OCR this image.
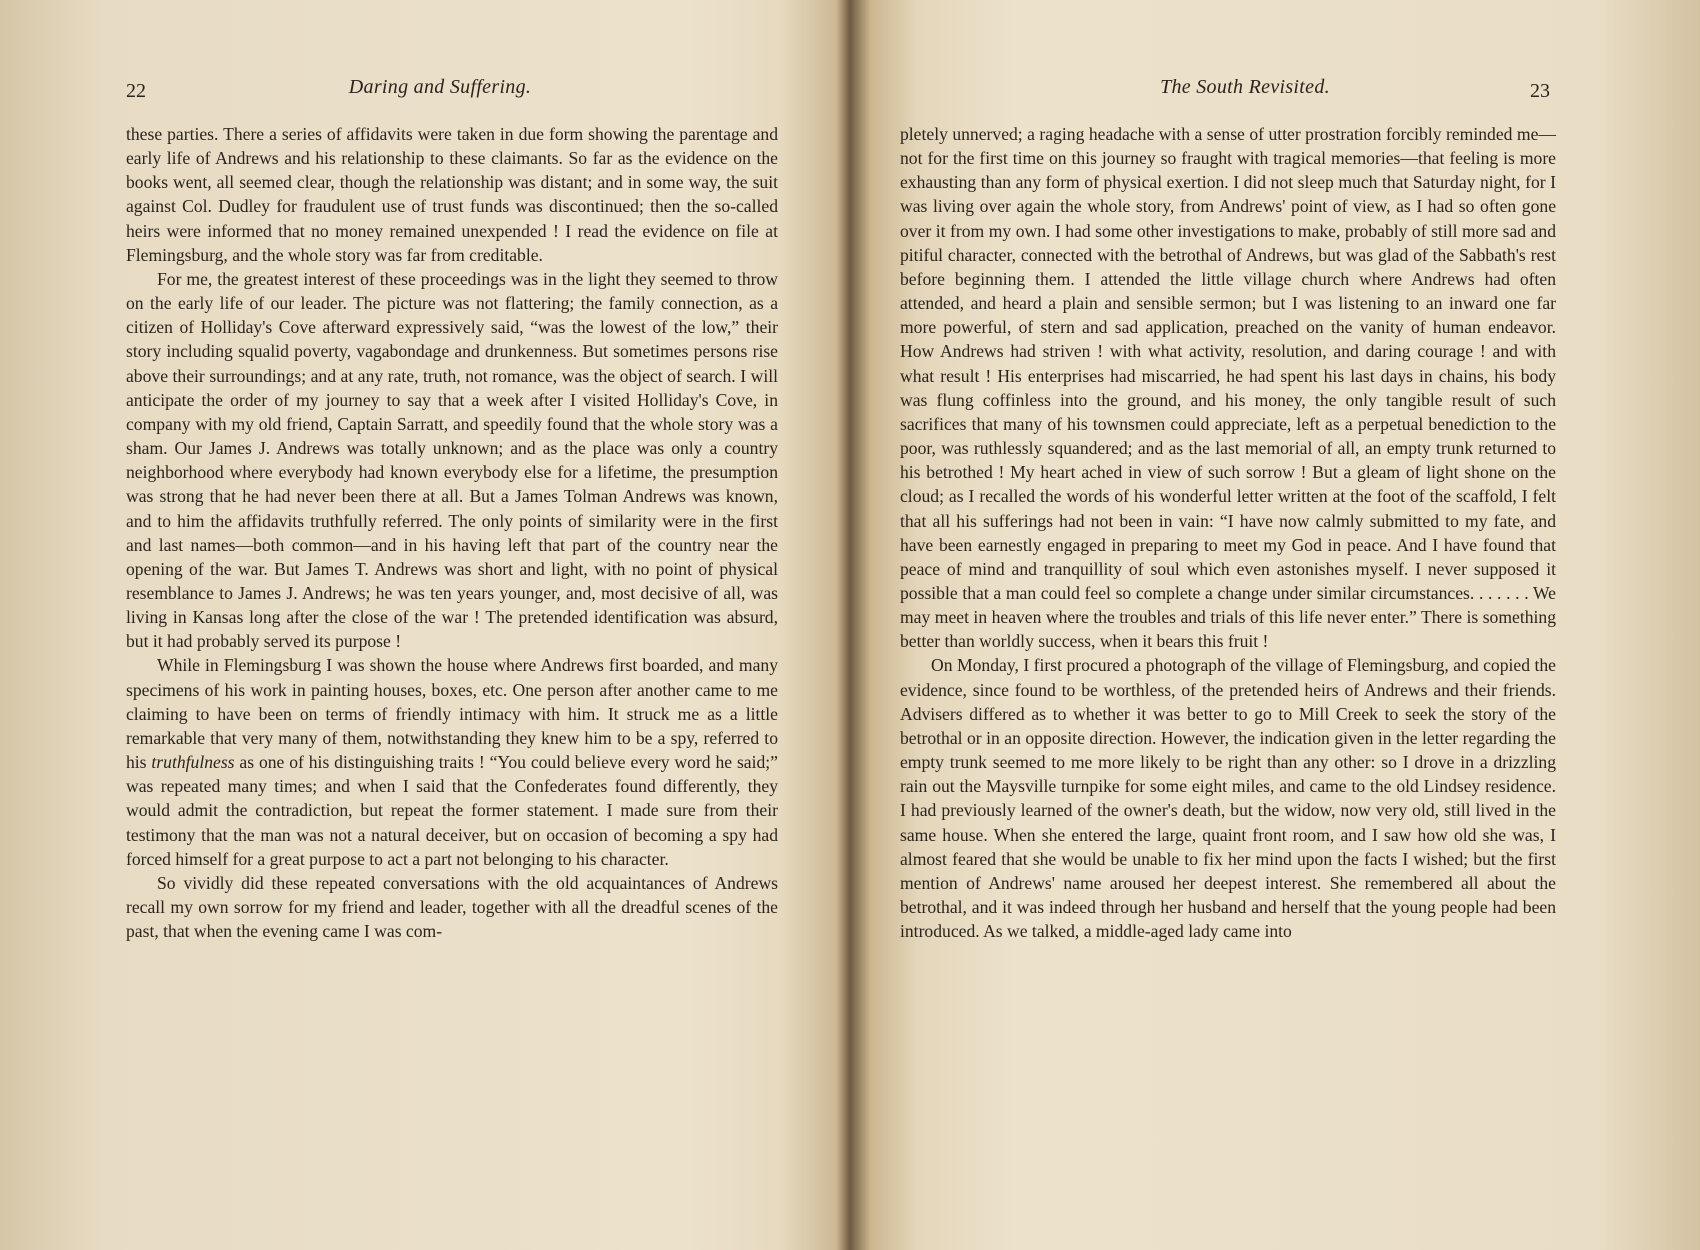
22	Daring and Suffering.

these parties. There a series of affidavits were taken in due form showing the parentage and early life of Andrews and his relationship to these claimants. So far as the evidence on the books went, all seemed clear, though the relationship was distant; and in some way, the suit against Col. Dudley for fraudulent use of trust funds was discontinued; then the so-called heirs were informed that no money remained unexpended ! I read the evidence on file at Flemingsburg, and the whole story was far from creditable.

For me, the greatest interest of these proceedings was in the light they seemed to throw on the early life of our leader. The picture was not flattering; the family connection, as a citizen of Holliday's Cove afterward expressively said, “was the lowest of the low,” their story including squalid poverty, vagabondage and drunkenness. But sometimes persons rise above their surroundings; and at any rate, truth, not romance, was the object of search. I will anticipate the order of my journey to say that a week after I visited Holliday's Cove, in company with my old friend, Captain Sarratt, and speedily found that the whole story was a sham. Our James J. Andrews was totally unknown; and as the place was only a country neighborhood where everybody had known everybody else for a lifetime, the presumption was strong that he had never been there at all. But a James Tolman Andrews was known, and to him the affidavits truthfully referred. The only points of similarity were in the first and last names—both common—and in his having left that part of the country near the opening of the war. But James T. Andrews was short and light, with no point of physical resemblance to James J. Andrews; he was ten years younger, and, most decisive of all, was living in Kansas long after the close of the war ! The pretended identification was absurd, but it had probably served its purpose !

While in Flemingsburg I was shown the house where Andrews first boarded, and many specimens of his work in painting houses, boxes, etc. One person after another came to me claiming to have been on terms of friendly intimacy with him. It struck me as a little remarkable that very many of them, notwithstanding they knew him to be a spy, referred to his truthfulness as one of his distinguishing traits ! “You could believe every word he said;” was repeated many times; and when I said that the Confederates found differently, they would admit the contradiction, but repeat the former statement. I made sure from their testimony that the man was not a natural deceiver, but on occasion of becoming a spy had forced himself for a great purpose to act a part not belonging to his character.

So vividly did these repeated conversations with the old acquaintances of Andrews recall my own sorrow for my friend and leader, together with all the dreadful scenes of the past, that when the evening came I was com-

The South Revisited.	23

pletely unnerved; a raging headache with a sense of utter prostration forcibly reminded me—not for the first time on this journey so fraught with tragical memories—that feeling is more exhausting than any form of physical exertion. I did not sleep much that Saturday night, for I was living over again the whole story, from Andrews' point of view, as I had so often gone over it from my own. I had some other investigations to make, probably of still more sad and pitiful character, connected with the betrothal of Andrews, but was glad of the Sabbath's rest before beginning them. I attended the little village church where Andrews had often attended, and heard a plain and sensible sermon; but I was listening to an inward one far more powerful, of stern and sad application, preached on the vanity of human endeavor. How Andrews had striven ! with what activity, resolution, and daring courage ! and with what result ! His enterprises had miscarried, he had spent his last days in chains, his body was flung coffinless into the ground, and his money, the only tangible result of such sacrifices that many of his townsmen could appreciate, left as a perpetual benediction to the poor, was ruthlessly squandered; and as the last memorial of all, an empty trunk returned to his betrothed ! My heart ached in view of such sorrow ! But a gleam of light shone on the cloud; as I recalled the words of his wonderful letter written at the foot of the scaffold, I felt that all his sufferings had not been in vain: “I have now calmly submitted to my fate, and have been earnestly engaged in preparing to meet my God in peace. And I have found that peace of mind and tranquillity of soul which even astonishes myself. I never supposed it possible that a man could feel so complete a change under similar circumstances. . . . . . . We may meet in heaven where the troubles and trials of this life never enter.” There is something better than worldly success, when it bears this fruit !

On Monday, I first procured a photograph of the village of Flemingsburg, and copied the evidence, since found to be worthless, of the pretended heirs of Andrews and their friends. Advisers differed as to whether it was better to go to Mill Creek to seek the story of the betrothal or in an opposite direction. However, the indication given in the letter regarding the empty trunk seemed to me more likely to be right than any other: so I drove in a drizzling rain out the Maysville turnpike for some eight miles, and came to the old Lindsey residence. I had previously learned of the owner's death, but the widow, now very old, still lived in the same house. When she entered the large, quaint front room, and I saw how old she was, I almost feared that she would be unable to fix her mind upon the facts I wished; but the first mention of Andrews' name aroused her deepest interest. She remembered all about the betrothal, and it was indeed through her husband and herself that the young people had been introduced. As we talked, a middle-aged lady came into
